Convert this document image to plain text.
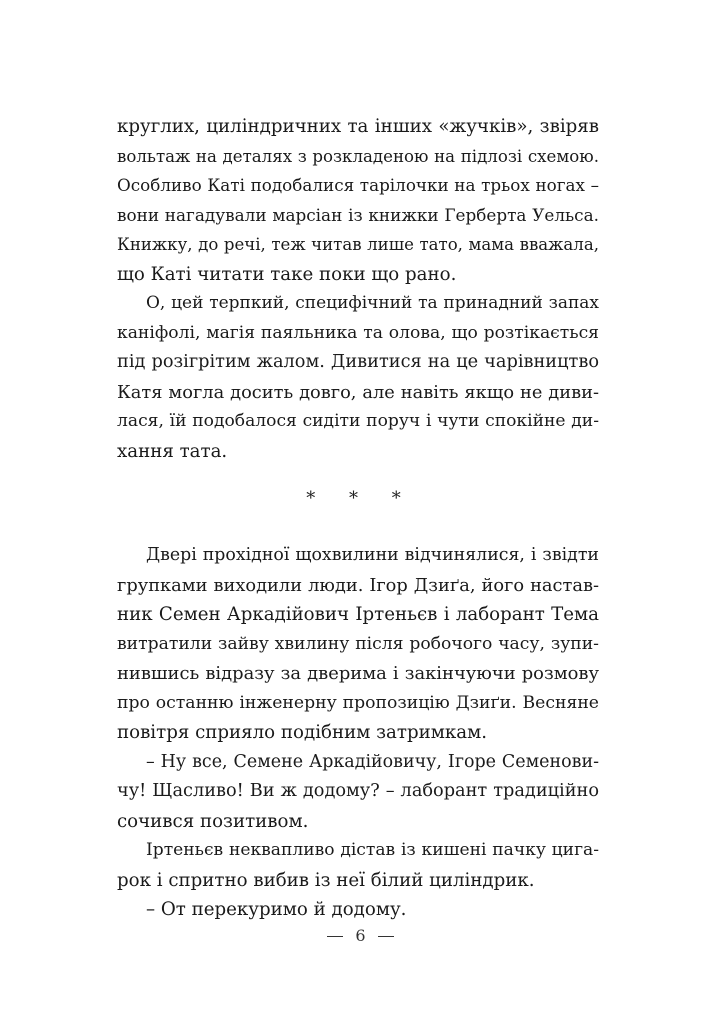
круглих, циліндричних та інших «жучків», звіряв
вольтаж на деталях з розкладеною на підлозі схемою.
Особливо Каті подобалися тарілочки на трьох ногах –
вони нагадували марсіан із книжки Герберта Уельса.
Книжку, до речі, теж читав лише тато, мама вважала,
що Каті читати таке поки що рано.
О, цей терпкий, специфічний та принадний запах
каніфолі, магія паяльника та олова, що розтікається
під розігрітим жалом. Дивитися на це чарівництво
Катя могла досить довго, але навіть якщо не диви-
лася, їй подобалося сидіти поруч і чути спокійне ди-
хання тата.
* * *
Двері прохідної щохвилини відчинялися, і звідти
групками виходили люди. Ігор Дзиґа, його настав-
ник Семен Аркадійович Іртеньєв і лаборант Тема
витратили зайву хвилину після робочого часу, зупи-
нившись відразу за дверима і закінчуючи розмову
про останню інженерну пропозицію Дзиґи. Весняне
повітря сприяло подібним затримкам.
– Ну все, Семене Аркадійовичу, Ігоре Семенови-
чу! Щасливо! Ви ж додому? – лаборант традиційно
сочився позитивом.
Іртеньєв неквапливо дістав із кишені пачку цига-
рок і спритно вибив із неї білий циліндрик.
– От перекуримо й додому.
6
